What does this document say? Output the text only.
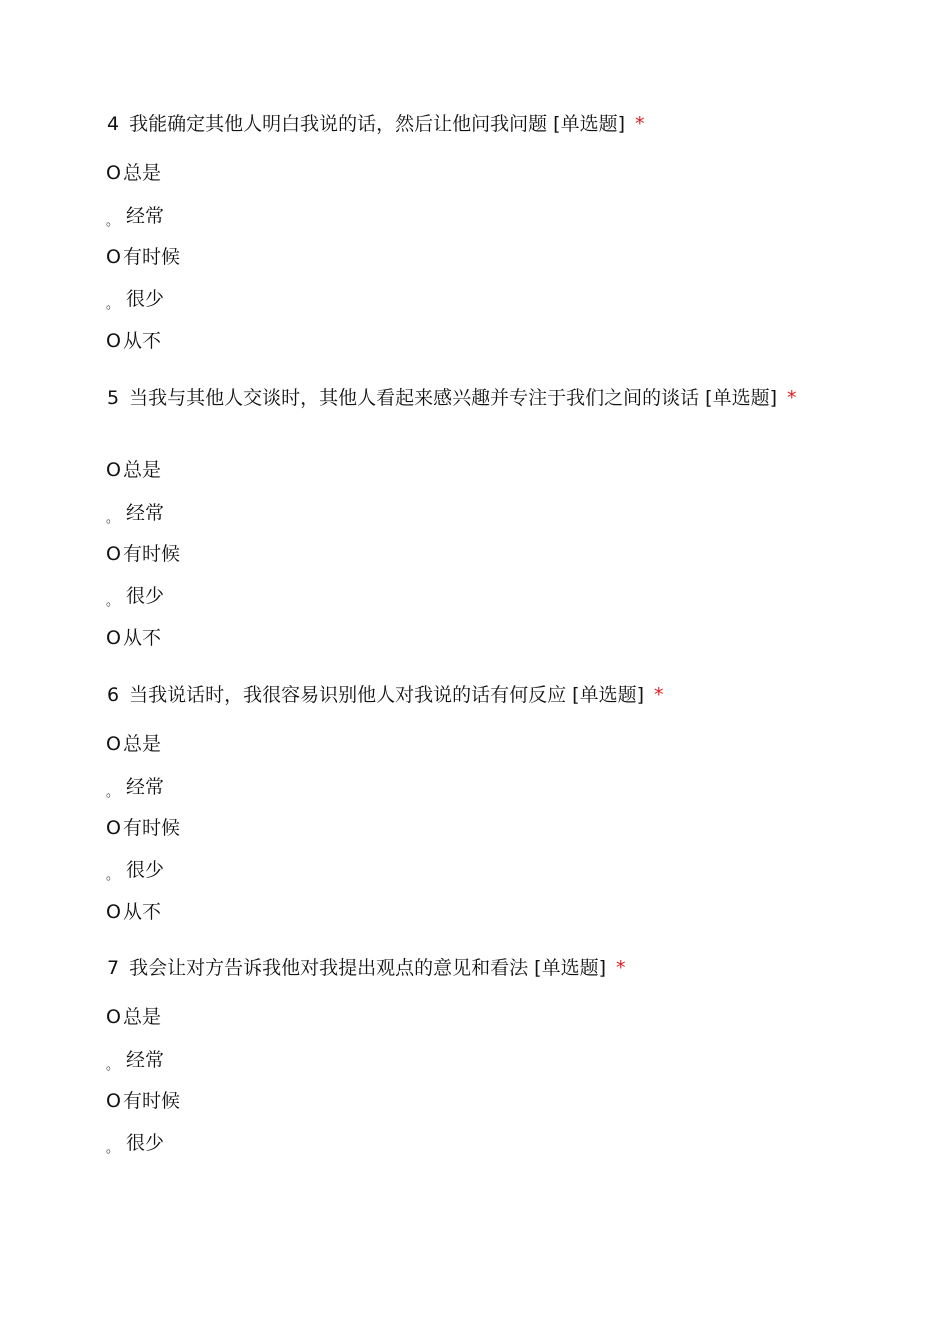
4 我能确定其他人明白我说的话，然后让他问我问题 [单选题] *
O 总是
。 经常
O 有时候
。 很少
O 从不
5 当我与其他人交谈时，其他人看起来感兴趣并专注于我们之间的谈话 [单选题] *
O 总是
。 经常
O 有时候
。 很少
O 从不
6 当我说话时，我很容易识别他人对我说的话有何反应 [单选题] *
O 总是
。 经常
O 有时候
。 很少
O 从不
7 我会让对方告诉我他对我提出观点的意见和看法 [单选题] *
O 总是
。 经常
O 有时候
。 很少
